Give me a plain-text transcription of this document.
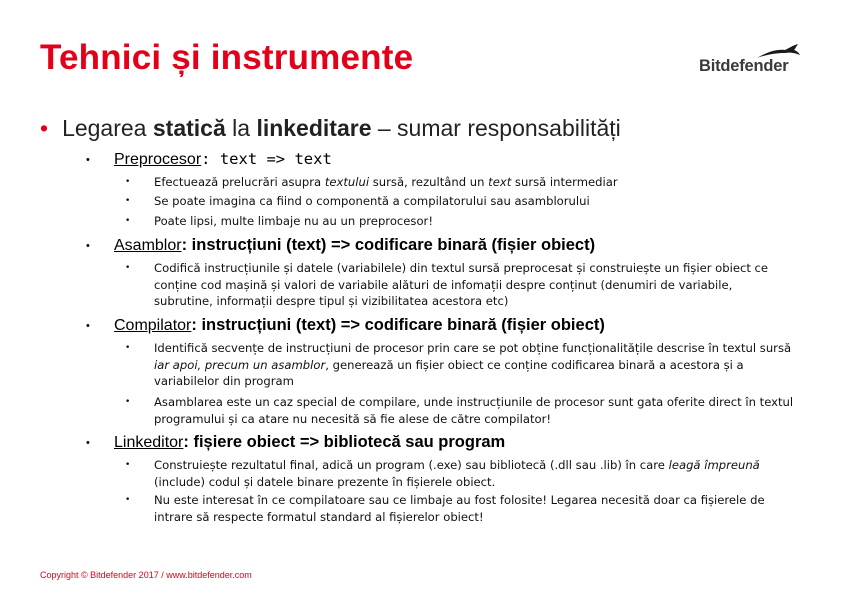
Tehnici și instrumente	Bitdefender
• Legarea statică la linkeditare – sumar responsabilități
• Preprocesor: text => text
• Efectuează prelucrări asupra textului sursă, rezultând un text sursă intermediar
• Se poate imagina ca fiind o componentă a compilatorului sau asamblorului
• Poate lipsi, multe limbaje nu au un preprocesor!
• Asamblor: instrucțiuni (text) => codificare binară (fișier obiect)
• Codifică instrucțiunile și datele (variabilele) din textul sursă preprocesat și construiește un fișier obiect ce conține cod mașină și valori de variabile alături de infomații despre conținut (denumiri de variabile, subrutine, informații despre tipul și vizibilitatea acestora etc)
• Compilator: instrucțiuni (text) => codificare binară (fișier obiect)
• Identifică secvențe de instrucțiuni de procesor prin care se pot obține funcționalitățile descrise în textul sursă iar apoi, precum un asamblor, generează un fișier obiect ce conține codificarea binară a acestora și a variabilelor din program
• Asamblarea este un caz special de compilare, unde instrucțiunile de procesor sunt gata oferite direct în textul programului și ca atare nu necesită să fie alese de către compilator!
• Linkeditor: fișiere obiect => bibliotecă sau program
• Construiește rezultatul final, adică un program (.exe) sau bibliotecă (.dll sau .lib) în care leagă împreună (include) codul și datele binare prezente în fișierele obiect.
• Nu este interesat în ce compilatoare sau ce limbaje au fost folosite! Legarea necesită doar ca fișierele de intrare să respecte formatul standard al fișierelor obiect!
Copyright © Bitdefender 2017 / www.bitdefender.com
